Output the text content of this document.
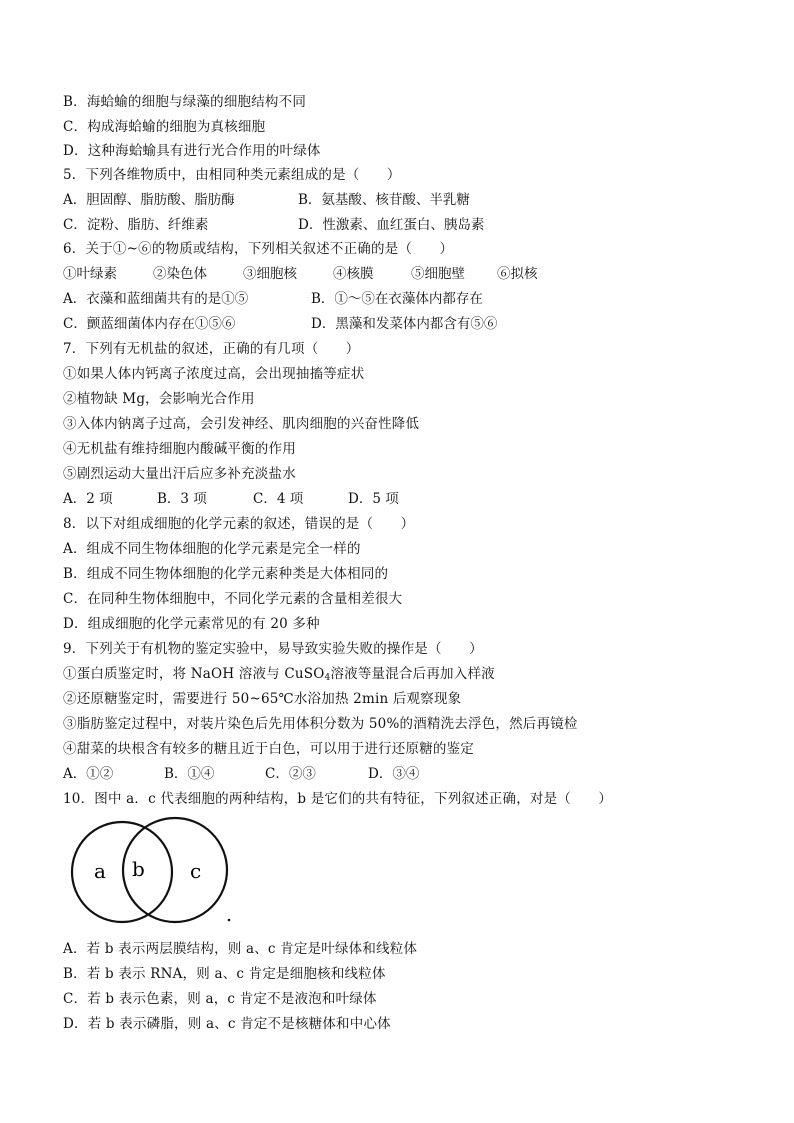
B．海蛤蝓的细胞与绿藻的细胞结构不同
C．构成海蛤蝓的细胞为真核细胞
D．这种海蛤蝓具有进行光合作用的叶绿体
5．下列各维物质中，由相同种类元素组成的是（　　）
A．胆固醇、脂肪酸、脂肪酶	B．氨基酸、核苷酸、半乳糖
C．淀粉、脂肪、纤维素	D．性激素、血红蛋白、胰岛素
6．关于①~⑥的物质或结构，下列相关叙述不正确的是（　　）
①叶绿素	②染色体	③细胞核	④核膜	⑤细胞壁 ⑥拟核
A．衣藻和蓝细菌共有的是①⑤	B．①～⑤在衣藻体内都存在
C．颤蓝细菌体内存在①⑤⑥	D．黑藻和发菜体内都含有⑤⑥
7．下列有无机盐的叙述，正确的有几项（　　）
①如果人体内钙离子浓度过高，会出现抽搐等症状
②植物缺 Mg，会影响光合作用
③入体内钠离子过高，会引发神经、肌肉细胞的兴奋性降低
④无机盐有维持细胞内酸碱平衡的作用
⑤剧烈运动大量出汗后应多补充淡盐水
A．2 项	B．3 项	C．4 项	D．5 项
8．以下对组成细胞的化学元素的叙述，错误的是（　　）
A．组成不同生物体细胞的化学元素是完全一样的
B．组成不同生物体细胞的化学元素种类是大体相同的
C．在同种生物体细胞中，不同化学元素的含量相差很大
D．组成细胞的化学元素常见的有 20 多种
9．下列关于有机物的鉴定实验中，易导致实验失败的操作是（　　）
①蛋白质鉴定时，将 NaOH 溶液与 CuSO$_4$溶液等量混合后再加入样液
②还原糖鉴定时，需要进行 50~65℃水浴加热 2min 后观察现象
③脂肪鉴定过程中，对装片染色后先用体积分数为 50%的酒精洗去浮色，然后再镜检
④甜菜的块根含有较多的糖且近于白色，可以用于进行还原糖的鉴定
A．①②	B．①④	C．②③	D．③④
10．图中 a．c 代表细胞的两种结构，b 是它们的共有特征，下列叙述正确，对是（　　）
a b c
A．若 b 表示两层膜结构，则 a、c 肯定是叶绿体和线粒体
B．若 b 表示 RNA，则 a、c 肯定是细胞核和线粒体
C．若 b 表示色素，则 a，c 肯定不是液泡和叶绿体
D．若 b 表示磷脂，则 a、c 肯定不是核糖体和中心体
